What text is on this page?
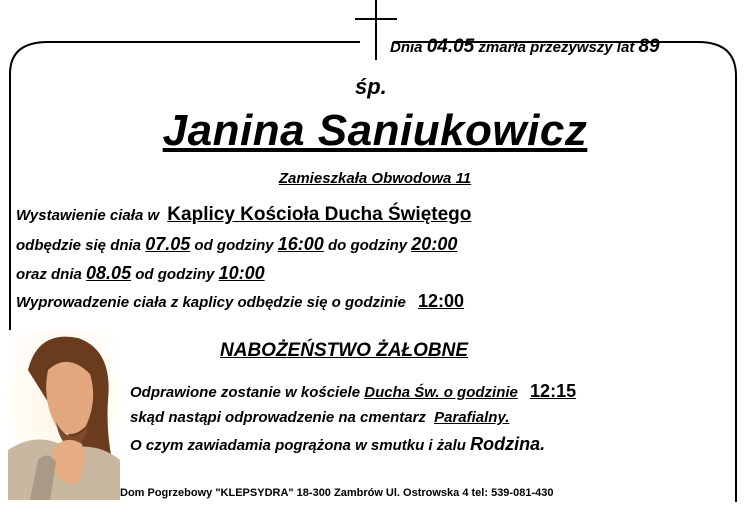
Dnia 04.05 zmarła przeżywszy lat 89
śp.
Janina Saniukowicz
Zamieszkała Obwodowa 11
Wystawienie ciała w Kaplicy Kościoła Ducha Świętego
odbędzie się dnia 07.05 od godziny 16:00 do godziny 20:00
oraz dnia 08.05 od godziny 10:00
Wyprowadzenie ciała z kaplicy odbędzie się o godzinie 12:00
NABOŻEŃSTWO ŻAŁOBNE
Odprawione zostanie w kościele Ducha Św. o godzinie 12:15
skąd nastąpi odprowadzenie na cmentarz Parafialny.
O czym zawiadamia pogrążona w smutku i żalu Rodzina.
Dom Pogrzebowy "KLEPSYDRA" 18-300 Zambrów Ul. Ostrowska 4 tel: 539-081-430
